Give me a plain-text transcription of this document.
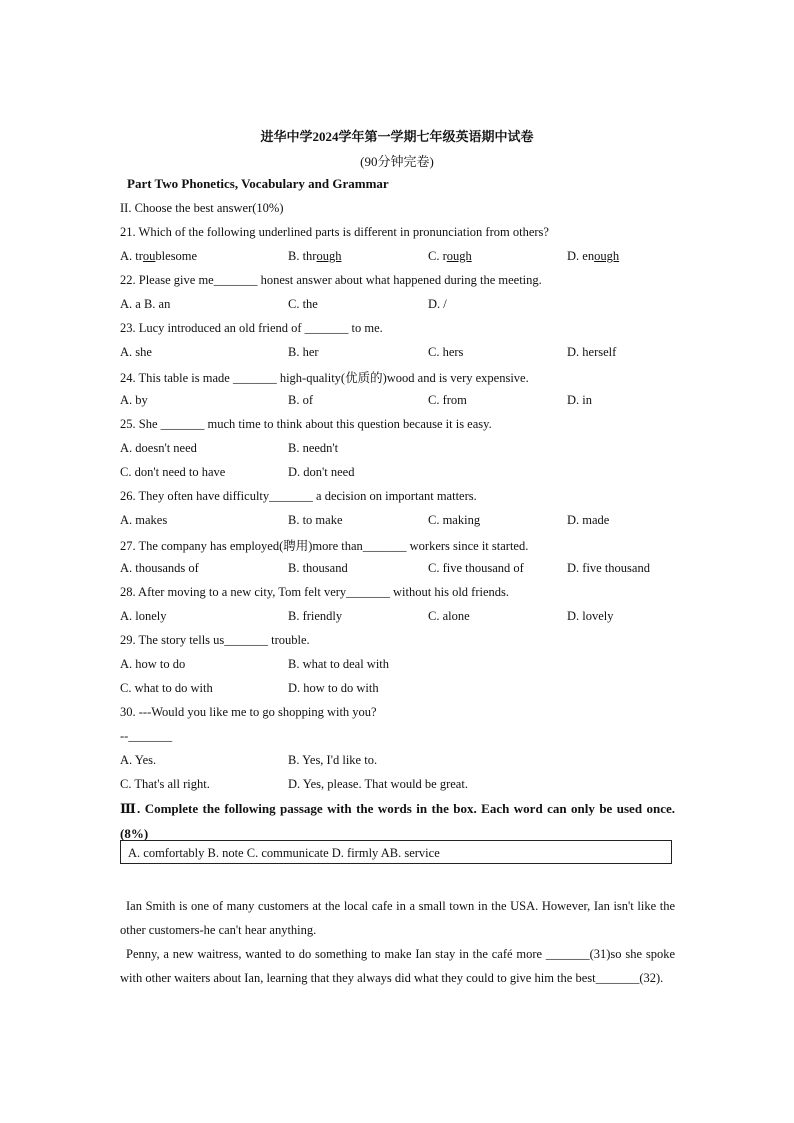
进华中学2024学年第一学期七年级英语期中试卷
(90分钟完卷)
Part Two Phonetics, Vocabulary and Grammar
II. Choose the best answer(10%)
21. Which of the following underlined parts is different in pronunciation from others?
A. troublesome	B. through	C. rough	D. enough
22. Please give me_______ honest answer about what happened during the meeting.
A. a B. an	C. the	D. /
23. Lucy introduced an old friend of _______ to me.
A. she	B. her	C. hers	D. herself
24. This table is made _______ high-quality(优质的)wood and is very expensive.
A. by	B. of	C. from	D. in
25. She _______ much time to think about this question because it is easy.
A. doesn't need	B. needn't
C. don't need to have	D. don't need
26. They often have difficulty_______ a decision on important matters.
A. makes	B. to make	C. making	D. made
27. The company has employed(聘用)more than_______ workers since it started.
A. thousands of	B. thousand	C. five thousand of	D. five thousand
28. After moving to a new city, Tom felt very_______ without his old friends.
A. lonely	B. friendly	C. alone	D. lovely
29. The story tells us_______ trouble.
A. how to do	B. what to deal with
C. what to do with	D. how to do with
30. ---Would you like me to go shopping with you?
--_______
A. Yes.	B. Yes, I'd like to.
C. That's all right.	D. Yes, please. That would be great.
Ⅲ. Complete the following passage with the words in the box. Each word can only be used once. (8%)
A. comfortably B. note C. communicate D. firmly AB. service
Ian Smith is one of many customers at the local cafe in a small town in the USA. However, Ian isn't like the other customers-he can't hear anything.
Penny, a new waitress, wanted to do something to make Ian stay in the café more _______(31)so she spoke with other waiters about Ian, learning that they always did what they could to give him the best_______(32).
